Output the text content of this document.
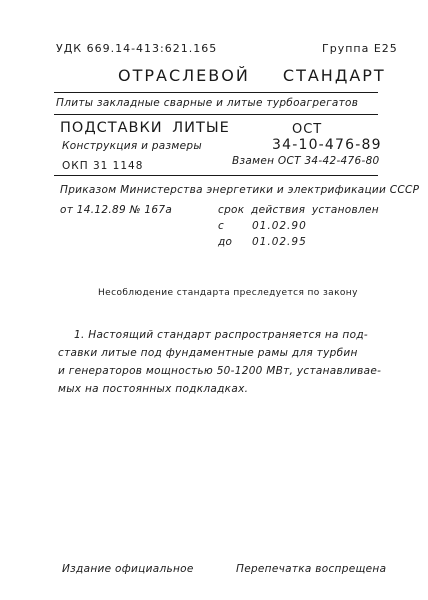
УДК 669.14-413:621.165	Группа Е25
ОТРАСЛЕВОЙ СТАНДАРТ
Плиты закладные сварные и литые турбоагрегатов
ПОДСТАВКИ ЛИТЫЕ
Конструкция и размеры
ОКП 31 1148
ОСТ
34-10-476-89
Взамен ОСТ 34-42-476-80
Приказом Министерства энергетики и электрификации СССР
от 14.12.89 № 167а	срок действия установлен
с	01.02.90
до 01.02.95
Несоблюдение стандарта преследуется по закону
1. Настоящий стандарт распространяется на под-
ставки литые под фундаментные рамы для турбин
и генераторов мощностью 50-1200 МВт, устанавливае-
мых на постоянных подкладках.
Издание официальное	Перепечатка воспрещена
